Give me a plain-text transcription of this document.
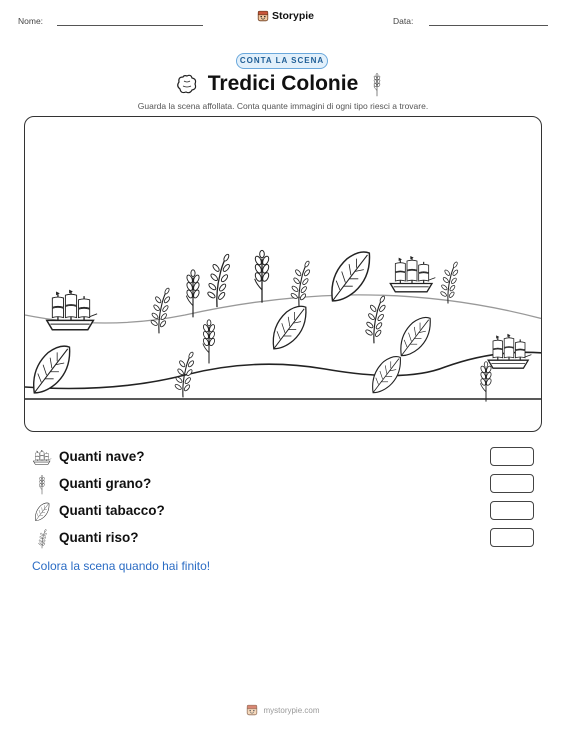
Nome:	Storypie	Data:
CONTA LA SCENA
Tredici Colonie
Guarda la scena affollata. Conta quante immagini di ogni tipo riesci a trovare.
Quanti nave?
Quanti grano?
Quanti tabacco?
Quanti riso?
Colora la scena quando hai finito!
mystorypie.com
